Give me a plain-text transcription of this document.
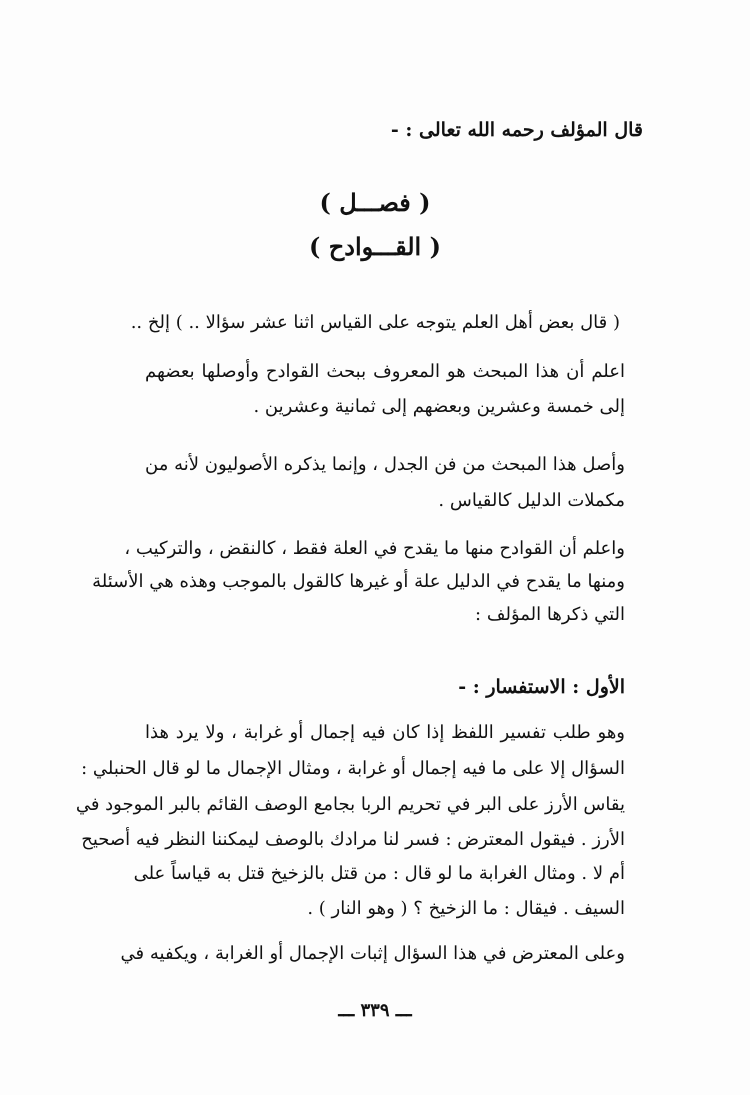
قال المؤلف رحمه الله تعالى : -
( فصـــل )
( القـــوادح )
( قال بعض أهل العلم يتوجه على القياس اثنا عشر سؤالا .. ) إلخ ..
اعلم أن هذا المبحث هو المعروف ببحث القوادح وأوصلها بعضهم
إلى خمسة وعشرين وبعضهم إلى ثمانية وعشرين .
وأصل هذا المبحث من فن الجدل ، وإنما يذكره الأصوليون لأنه من
مكملات الدليل كالقياس .
واعلم أن القوادح منها ما يقدح في العلة فقط ، كالنقض ، والتركيب ،
ومنها ما يقدح في الدليل علة أو غيرها كالقول بالموجب وهذه هي الأسئلة
التي ذكرها المؤلف :
الأول : الاستفسار : -
وهو طلب تفسير اللفظ إذا كان فيه إجمال أو غرابة ، ولا يرد هذا
السؤال إلا على ما فيه إجمال أو غرابة ، ومثال الإجمال ما لو قال الحنبلي :
يقاس الأرز على البر في تحريم الربا بجامع الوصف القائم بالبر الموجود في
الأرز . فيقول المعترض : فسر لنا مرادك بالوصف ليمكننا النظر فيه أصحيح
أم لا . ومثال الغرابة ما لو قال : من قتل بالزخيخ قتل به قياساً على
السيف . فيقال : ما الزخيخ ؟ ( وهو النار ) .
وعلى المعترض في هذا السؤال إثبات الإجمال أو الغرابة ، ويكفيه في
ـــ ٣٣٩ ـــ
